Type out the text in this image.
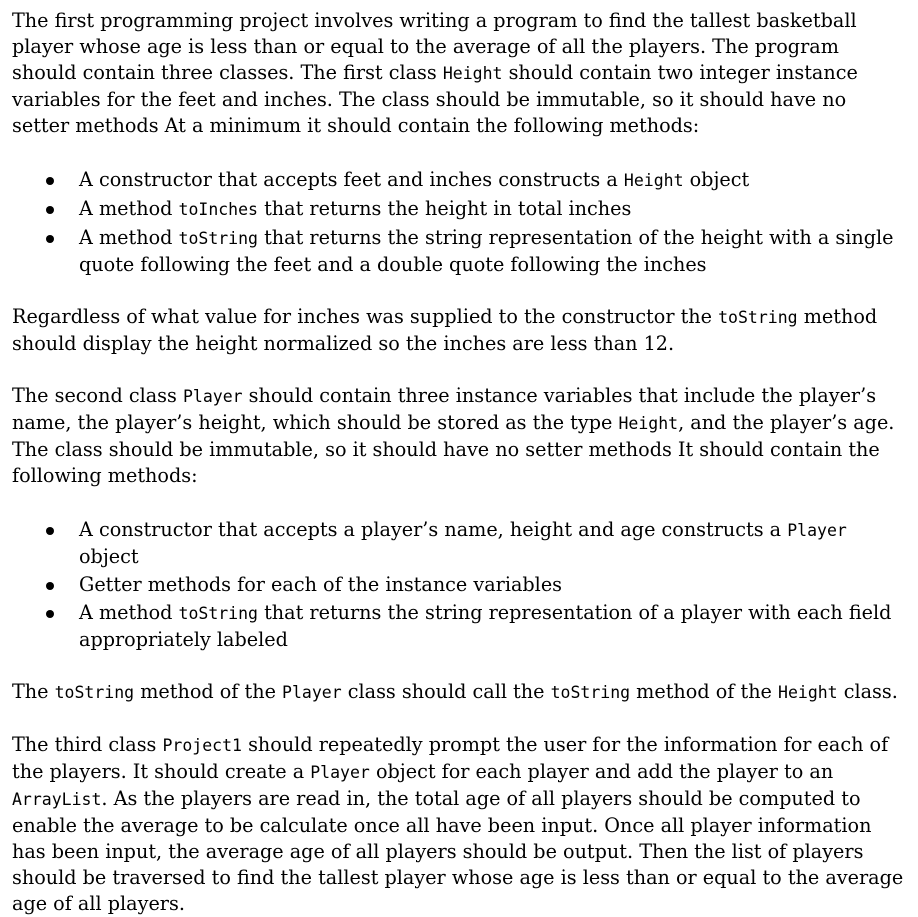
The first programming project involves writing a program to find the tallest basketball player whose age is less than or equal to the average of all the players. The program should contain three classes. The first class Height should contain two integer instance variables for the feet and inches. The class should be immutable, so it should have no setter methods At a minimum it should contain the following methods:

A constructor that accepts feet and inches constructs a Height object
A method toInches that returns the height in total inches
A method toString that returns the string representation of the height with a single quote following the feet and a double quote following the inches

Regardless of what value for inches was supplied to the constructor the toString method should display the height normalized so the inches are less than 12.

The second class Player should contain three instance variables that include the player’s name, the player’s height, which should be stored as the type Height, and the player’s age. The class should be immutable, so it should have no setter methods It should contain the following methods:

A constructor that accepts a player’s name, height and age constructs a Player object
Getter methods for each of the instance variables
A method toString that returns the string representation of a player with each field appropriately labeled

The toString method of the Player class should call the toString method of the Height class.

The third class Project1 should repeatedly prompt the user for the information for each of the players. It should create a Player object for each player and add the player to an ArrayList. As the players are read in, the total age of all players should be computed to enable the average to be calculate once all have been input. Once all player information has been input, the average age of all players should be output. Then the list of players should be traversed to find the tallest player whose age is less than or equal to the average age of all players.
